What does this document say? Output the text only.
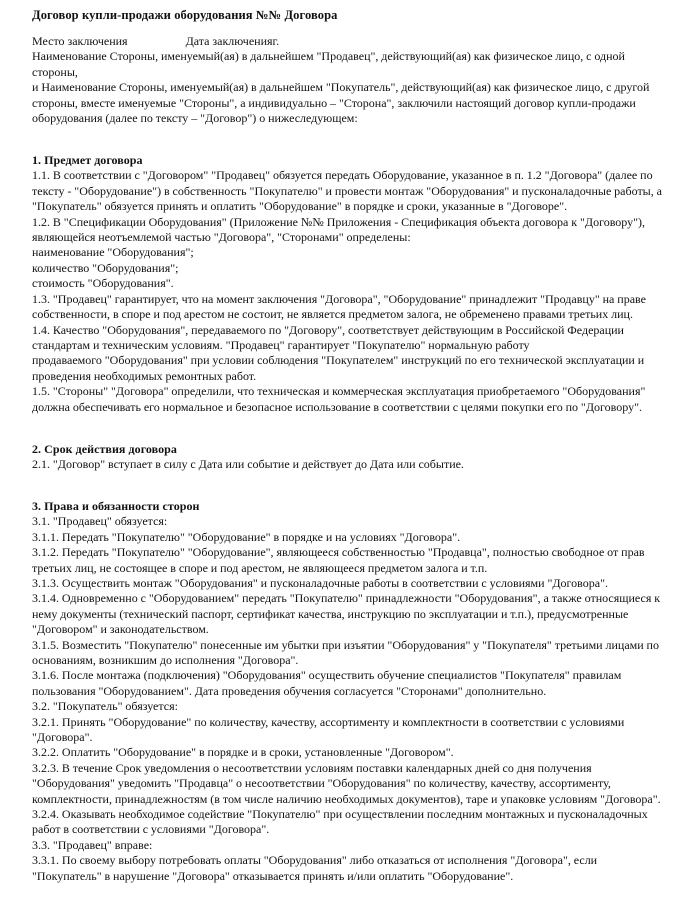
Договор купли-продажи оборудования №№ Договора

Место заключения	Дата заключенияг.

Наименование Стороны, именуемый(ая) в дальнейшем "Продавец", действующий(ая) как физическое лицо, с одной стороны,

и Наименование Стороны, именуемый(ая) в дальнейшем "Покупатель", действующий(ая) как физическое лицо, с другой

стороны, вместе именуемые "Стороны", а индивидуально – "Сторона", заключили настоящий договор купли-продажи

оборудования (далее по тексту – "Договор") о нижеследующем:

1. Предмет договора

1.1. В соответствии с "Договором" "Продавец" обязуется передать Оборудование, указанное в п. 1.2 "Договора" (далее по тексту - "Оборудование") в собственность "Покупателю" и провести монтаж "Оборудования" и пусконаладочные работы, а "Покупатель" обязуется принять и оплатить "Оборудование" в порядке и сроки, указанные в "Договоре".

1.2. В "Спецификации Оборудования" (Приложение №№ Приложения - Спецификация объекта договора к "Договору"), являющейся неотъемлемой частью "Договора", "Сторонами" определены:

наименование "Оборудования";

количество "Оборудования";

стоимость "Оборудования".

1.3. "Продавец" гарантирует, что на момент заключения "Договора", "Оборудование" принадлежит "Продавцу" на праве собственности, в споре и под арестом не состоит, не является предметом залога, не обременено правами третьих лиц.

1.4. Качество "Оборудования", передаваемого по "Договору", соответствует действующим в Российской Федерации стандартам и техническим условиям. "Продавец" гарантирует "Покупателю" нормальную работу

продаваемого "Оборудования" при условии соблюдения "Покупателем" инструкций по его технической эксплуатации и проведения необходимых ремонтных работ.

1.5. "Стороны" "Договора" определили, что техническая и коммерческая эксплуатация приобретаемого "Оборудования" должна обеспечивать его нормальное и безопасное использование в соответствии с целями покупки его по "Договору".

2. Срок действия договора

2.1. "Договор" вступает в силу с Дата или событие и действует до Дата или событие.

3. Права и обязанности сторон

3.1. "Продавец" обязуется:

3.1.1. Передать "Покупателю" "Оборудование" в порядке и на условиях "Договора".

3.1.2. Передать "Покупателю" "Оборудование", являющееся собственностью "Продавца", полностью свободное от прав третьих лиц, не состоящее в споре и под арестом, не являющееся предметом залога и т.п.

3.1.3. Осуществить монтаж "Оборудования" и пусконаладочные работы в соответствии с условиями "Договора".

3.1.4. Одновременно с "Оборудованием" передать "Покупателю" принадлежности "Оборудования", а также относящиеся к нему документы (технический паспорт, сертификат качества, инструкцию по эксплуатации и т.п.), предусмотренные "Договором" и законодательством.

3.1.5. Возместить "Покупателю" понесенные им убытки при изъятии "Оборудования" у "Покупателя" третьими лицами по основаниям, возникшим до исполнения "Договора".

3.1.6. После монтажа (подключения) "Оборудования" осуществить обучение специалистов "Покупателя" правилам пользования "Оборудованием". Дата проведения обучения согласуется "Сторонами" дополнительно.

3.2. "Покупатель" обязуется:

3.2.1. Принять "Оборудование" по количеству, качеству, ассортименту и комплектности в соответствии с условиями "Договора".

3.2.2. Оплатить "Оборудование" в порядке и в сроки, установленные "Договором".

3.2.3. В течение Срок уведомления о несоответствии условиям поставки календарных дней со дня получения "Оборудования" уведомить "Продавца" о несоответствии "Оборудования" по количеству, качеству, ассортименту, комплектности, принадлежностям (в том числе наличию необходимых документов), таре и упаковке условиям "Договора".

3.2.4. Оказывать необходимое содействие "Покупателю" при осуществлении последним монтажных и пусконаладочных работ в соответствии с условиями "Договора".

3.3. "Продавец" вправе:

3.3.1. По своему выбору потребовать оплаты "Оборудования" либо отказаться от исполнения "Договора", если "Покупатель" в нарушение "Договора" отказывается принять и/или оплатить "Оборудование".
